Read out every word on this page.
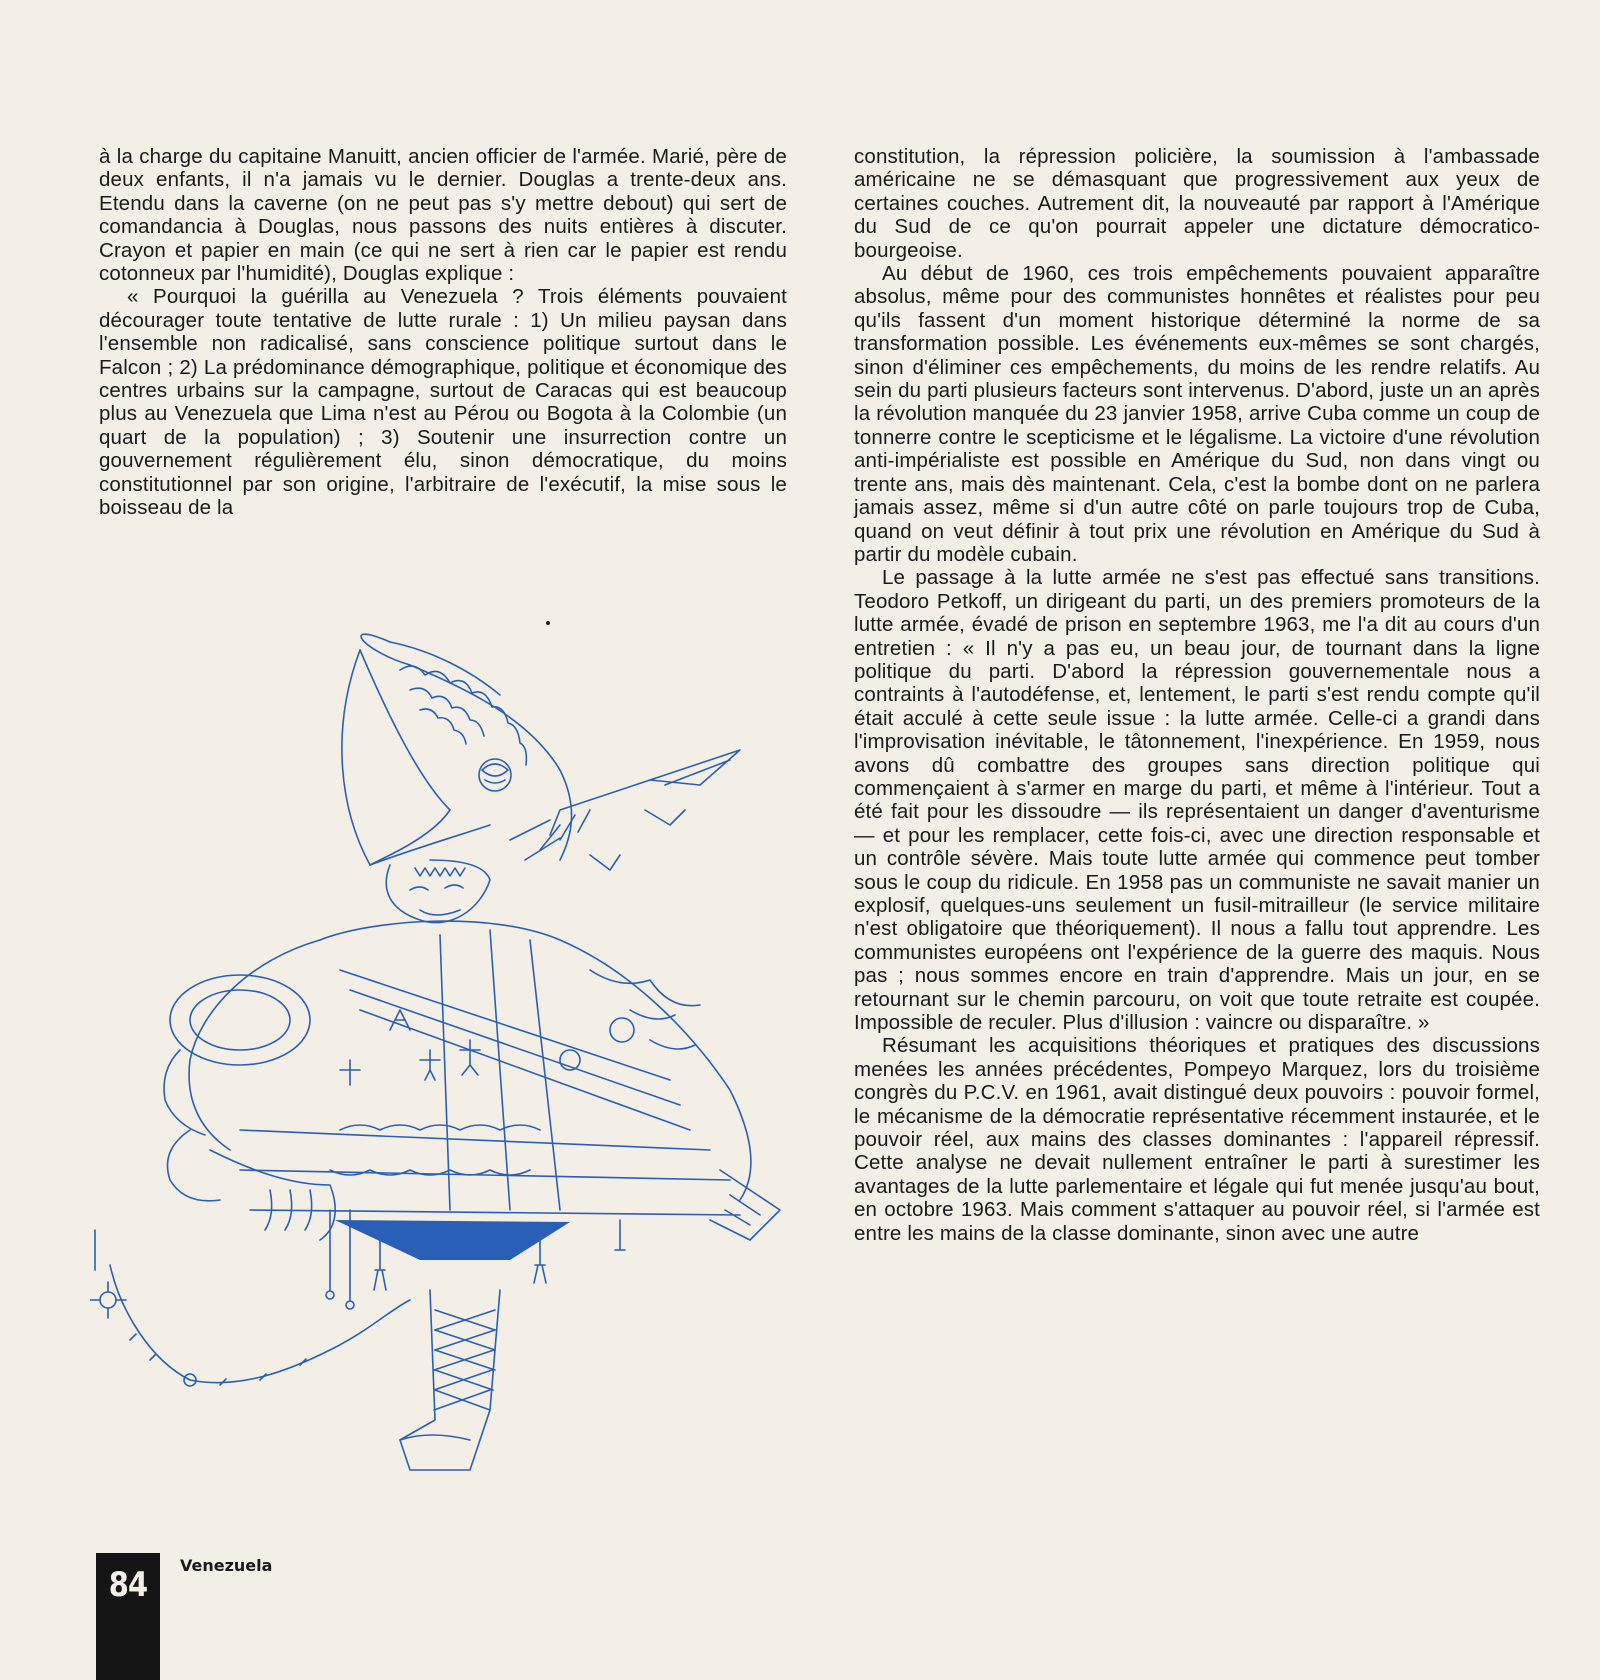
à la charge du capitaine Manuitt, ancien officier de l'armée. Marié, père de deux enfants, il n'a jamais vu le dernier. Douglas a trente-deux ans. Etendu dans la caverne (on ne peut pas s'y mettre debout) qui sert de comandancia à Douglas, nous passons des nuits entières à discuter. Crayon et papier en main (ce qui ne sert à rien car le papier est rendu cotonneux par l'humidité), Douglas explique :

« Pourquoi la guérilla au Venezuela ? Trois éléments pouvaient décourager toute tentative de lutte rurale : 1) Un milieu paysan dans l'ensemble non radicalisé, sans conscience politique surtout dans le Falcon ; 2) La prédominance démographique, politique et économique des centres urbains sur la campagne, surtout de Caracas qui est beaucoup plus au Venezuela que Lima n'est au Pérou ou Bogota à la Colombie (un quart de la population) ; 3) Soutenir une insurrection contre un gouvernement régulièrement élu, sinon démocratique, du moins constitutionnel par son origine, l'arbitraire de l'exécutif, la mise sous le boisseau de la

constitution, la répression policière, la soumission à l'ambassade américaine ne se démasquant que progressivement aux yeux de certaines couches. Autrement dit, la nouveauté par rapport à l'Amérique du Sud de ce qu'on pourrait appeler une dictature démocratico-bourgeoise.

Au début de 1960, ces trois empêchements pouvaient apparaître absolus, même pour des communistes honnêtes et réalistes pour peu qu'ils fassent d'un moment historique déterminé la norme de sa transformation possible. Les événements eux-mêmes se sont chargés, sinon d'éliminer ces empêchements, du moins de les rendre relatifs. Au sein du parti plusieurs facteurs sont intervenus. D'abord, juste un an après la révolution manquée du 23 janvier 1958, arrive Cuba comme un coup de tonnerre contre le scepticisme et le légalisme. La victoire d'une révolution anti-impérialiste est possible en Amérique du Sud, non dans vingt ou trente ans, mais dès maintenant. Cela, c'est la bombe dont on ne parlera jamais assez, même si d'un autre côté on parle toujours trop de Cuba, quand on veut définir à tout prix une révolution en Amérique du Sud à partir du modèle cubain.

Le passage à la lutte armée ne s'est pas effectué sans transitions. Teodoro Petkoff, un dirigeant du parti, un des premiers promoteurs de la lutte armée, évadé de prison en septembre 1963, me l'a dit au cours d'un entretien : « Il n'y a pas eu, un beau jour, de tournant dans la ligne politique du parti. D'abord la répression gouvernementale nous a contraints à l'autodéfense, et, lentement, le parti s'est rendu compte qu'il était acculé à cette seule issue : la lutte armée. Celle-ci a grandi dans l'improvisation inévitable, le tâtonnement, l'inexpérience. En 1959, nous avons dû combattre des groupes sans direction politique qui commençaient à s'armer en marge du parti, et même à l'intérieur. Tout a été fait pour les dissoudre — ils représentaient un danger d'aventurisme — et pour les remplacer, cette fois-ci, avec une direction responsable et un contrôle sévère. Mais toute lutte armée qui commence peut tomber sous le coup du ridicule. En 1958 pas un communiste ne savait manier un explosif, quelques-uns seulement un fusil-mitrailleur (le service militaire n'est obligatoire que théoriquement). Il nous a fallu tout apprendre. Les communistes européens ont l'expérience de la guerre des maquis. Nous pas ; nous sommes encore en train d'apprendre. Mais un jour, en se retournant sur le chemin parcouru, on voit que toute retraite est coupée. Impossible de reculer. Plus d'illusion : vaincre ou disparaître. »

Résumant les acquisitions théoriques et pratiques des discussions menées les années précédentes, Pompeyo Marquez, lors du troisième congrès du P.C.V. en 1961, avait distingué deux pouvoirs : pouvoir formel, le mécanisme de la démocratie représentative récemment instaurée, et le pouvoir réel, aux mains des classes dominantes : l'appareil répressif. Cette analyse ne devait nullement entraîner le parti à surestimer les avantages de la lutte parlementaire et légale qui fut menée jusqu'au bout, en octobre 1963. Mais comment s'attaquer au pouvoir réel, si l'armée est entre les mains de la classe dominante, sinon avec une autre

84	Venezuela
